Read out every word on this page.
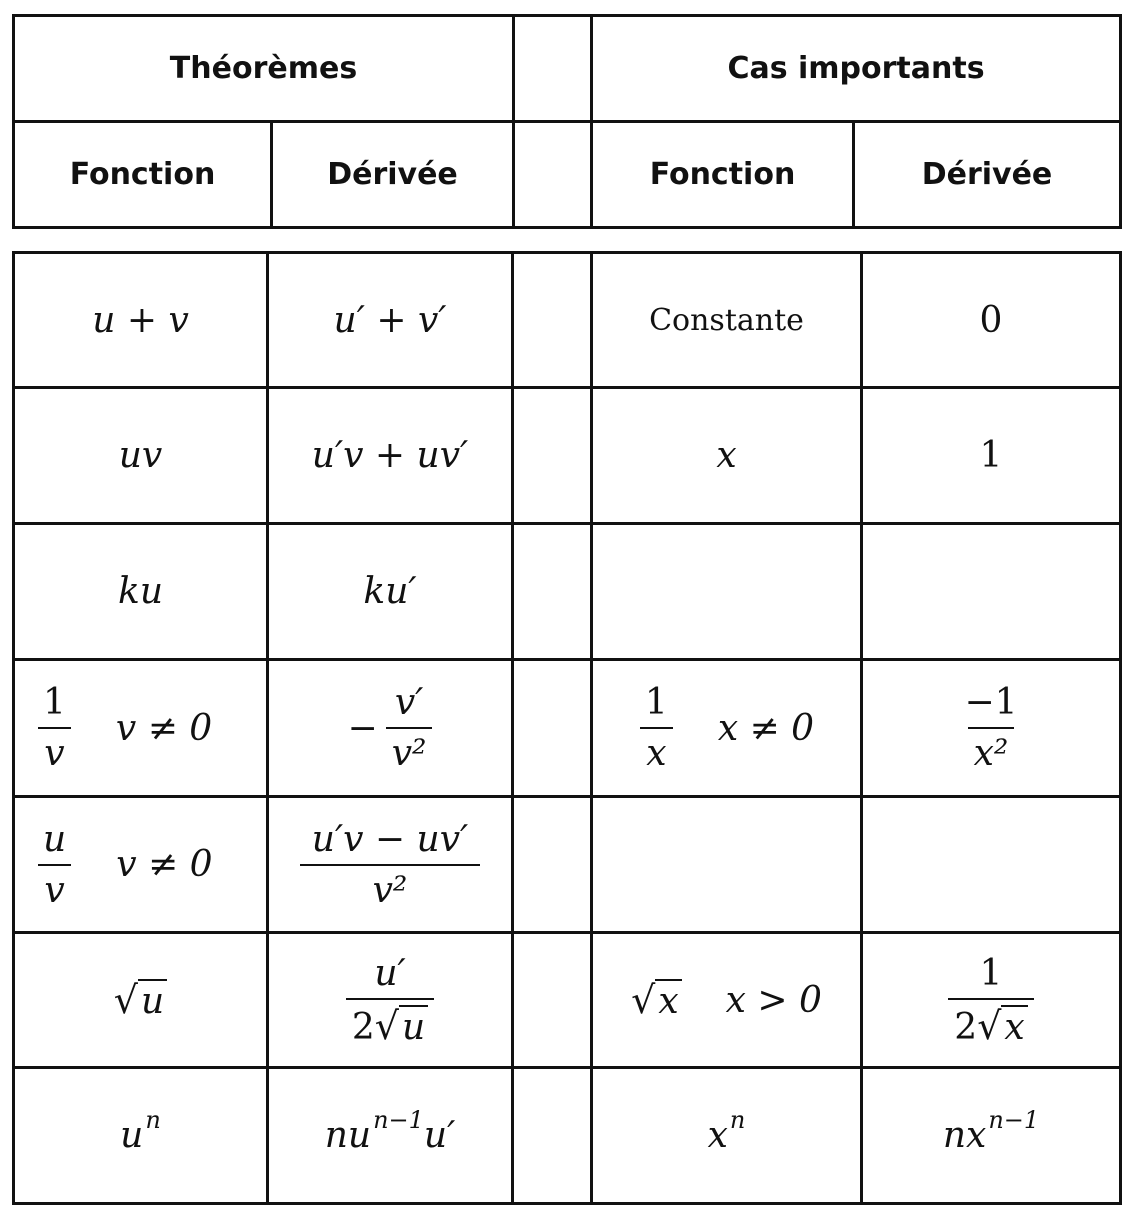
Théorèmes	Cas importants
Fonction	Dérivée	Fonction	Dérivée
u + v	u′ + v′	Constante	0
uv	u′v + uv′	x	1
ku	ku′
$\frac{1}{v}$ v ≠ 0	− $\frac{v'}{\text{v²}}$	$\frac{1}{x}$ x ≠ 0	$\frac{-1}{\text{x²}}$
$\frac{u}{v}$ v ≠ 0	$\frac{u'v - uv'}{\text{v²}}$
√ u	$\frac{u'}{2 √ u}$	√ x x > 0	$\frac{1}{2 √ x}$
u n	nu n−1 u′	x n	nx n−1
